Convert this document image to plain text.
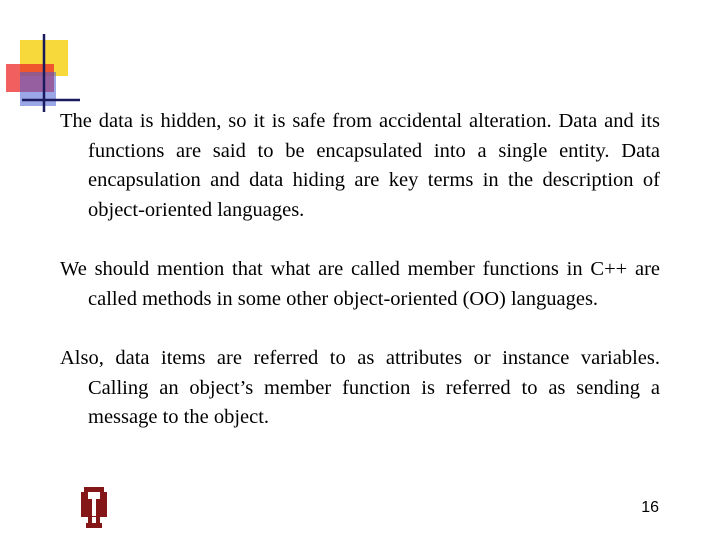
The data is hidden, so it is safe from accidental alteration. Data and its functions are said to be encapsulated into a single entity. Data encapsulation and data hiding are key terms in the description of object-oriented languages.

We should mention that what are called member functions in C++ are called methods in some other object-oriented (OO) languages.

Also, data items are referred to as attributes or instance variables. Calling an object’s member function is referred to as sending a message to the object.

16
